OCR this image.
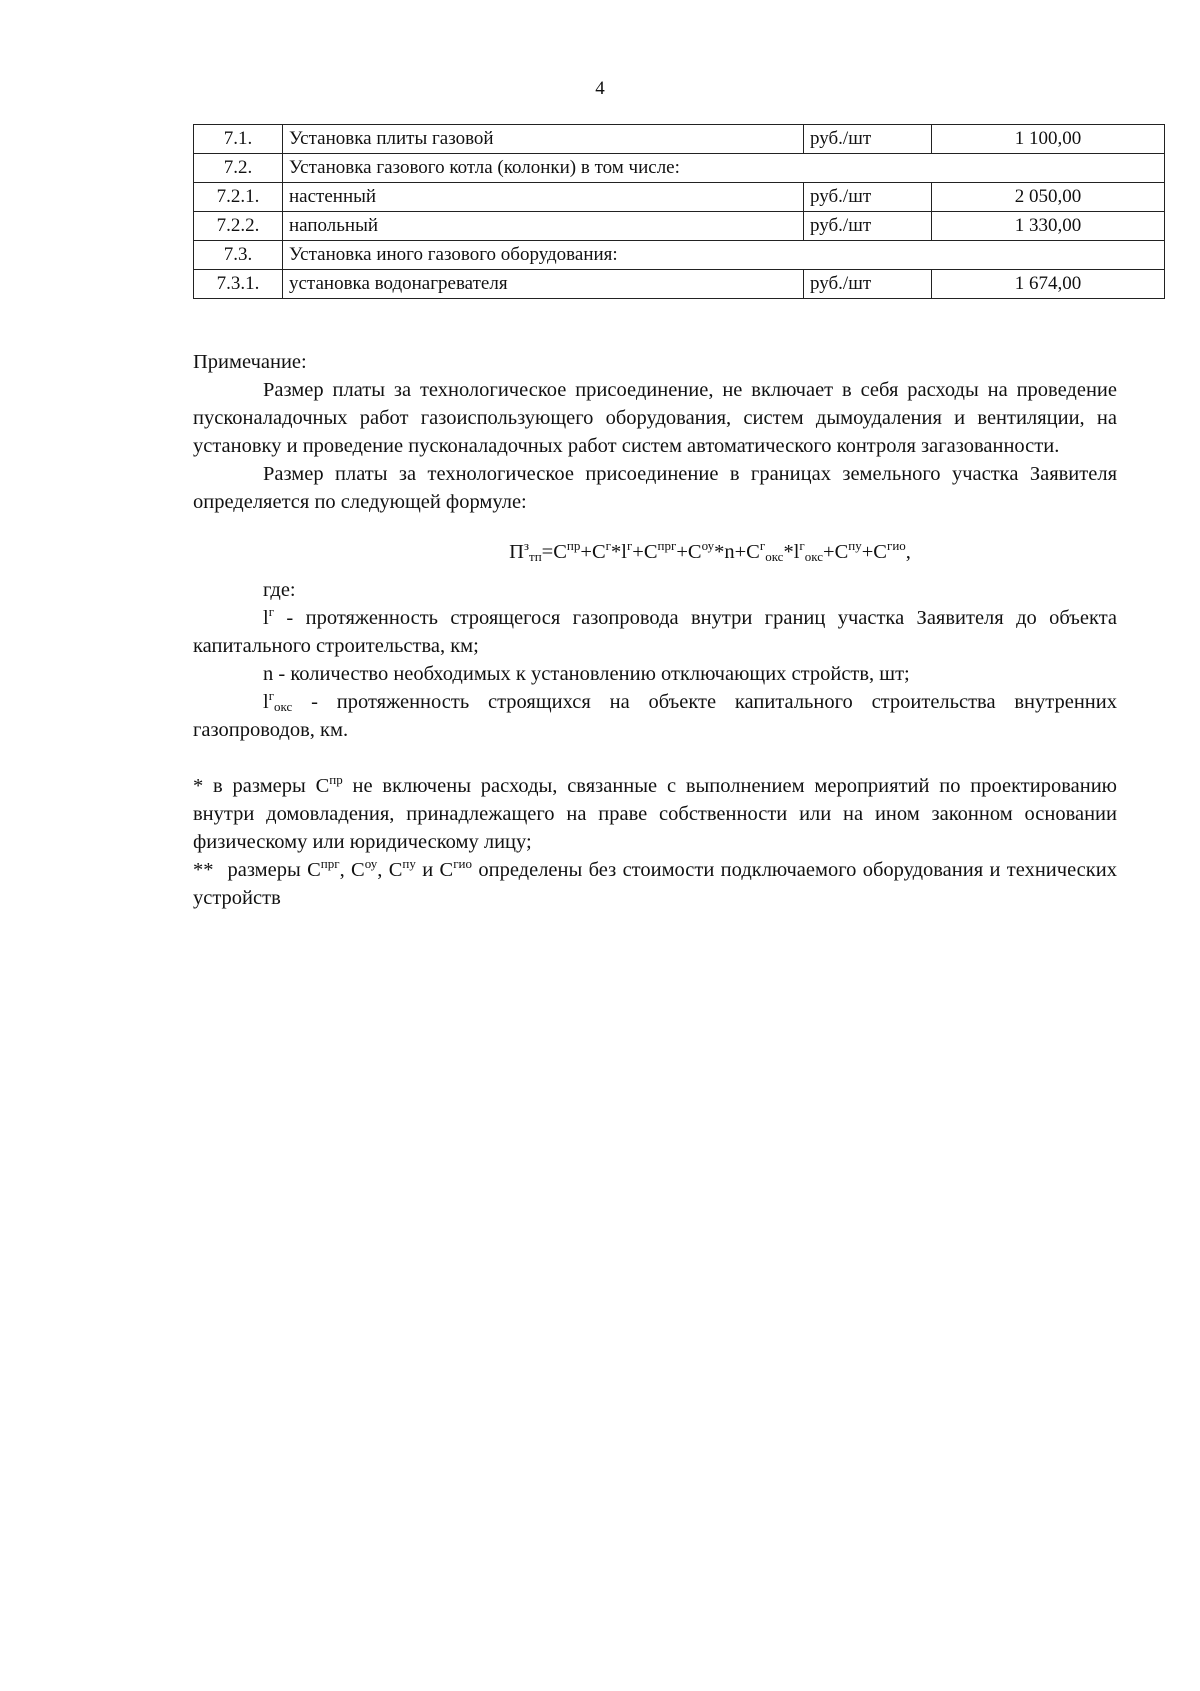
4
7.1.	Установка плиты газовой	руб./шт	1 100,00
7.2.	Установка газового котла (колонки) в том числе:		
7.2.1.	настенный	руб./шт	2 050,00
7.2.2.	напольный	руб./шт	1 330,00
7.3.	Установка иного газового оборудования:		
7.3.1.	установка водонагревателя	руб./шт	1 674,00

Примечание:

Размер платы за технологическое присоединение, не включает в себя расходы на проведение пусконаладочных работ газоиспользующего оборудования, систем дымоудаления и вентиляции, на установку и проведение пусконаладочных работ систем автоматического контроля загазованности.

Размер платы за технологическое присоединение в границах земельного участка Заявителя определяется по следующей формуле:

$П^з_{тп}=С^{пр}+С^г*l^г+С^{прг}+С^{оу}*n+С^г_{окс}*l^г_{окс}+С^{пу}+С^{гио}$,

где:

$l^г$ - протяженность строящегося газопровода внутри границ участка Заявителя до объекта капитального строительства, км;

n - количество необходимых к установлению отключающих стройств, шт;

$l^г_{окс}$ - протяженность строящихся на объекте капитального строительства внутренних газопроводов, км.

* в размеры $С^{пр}$ не включены расходы, связанные с выполнением мероприятий по проектированию внутри домовладения, принадлежащего на праве собственности или на ином законном основании физическому или юридическому лицу;

** размеры $С^{прг}$, $С^{оу}$, $С^{пу}$ и $С^{гио}$ определены без стоимости подключаемого оборудования и технических устройств
